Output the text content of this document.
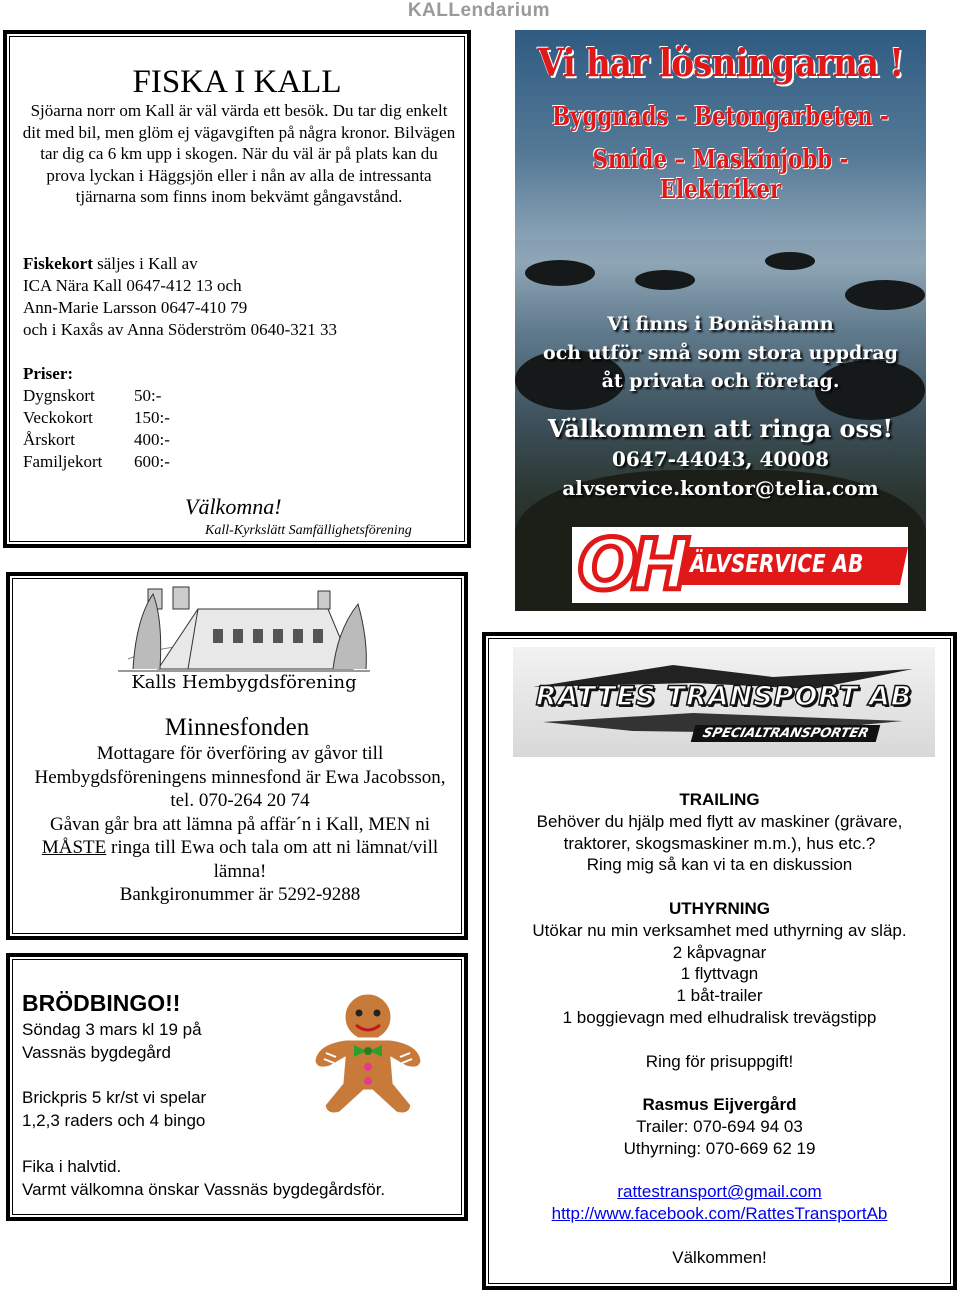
KALLendarium
FISKA I KALL
Sjöarna norr om Kall är väl värda ett besök. Du tar dig enkelt dit med bil, men glöm ej vägavgiften på några kronor. Bilvägen tar dig ca 6 km upp i skogen. När du väl är på plats kan du prova lyckan i Häggsjön eller i nån av alla de intressanta tjärnarna som finns inom bekvämt gångavstånd.
Fiskekort säljes i Kall av
ICA Nära Kall 0647-412 13 och
Ann-Marie Larsson 0647-410 79
och i Kaxås av Anna Söderström 0640-321 33
Priser:
Dygnskort	50:-
Veckokort	150:-
Årskort	400:-
Familjekort	600:-
Välkomna!
Kall-Kyrkslätt Samfällighetsförening
Vi har lösningarna !
Byggnads – Betongarbeten -
Smide – Maskinjobb - Elektriker
Vi finns i Bonäshamn
och utför små som stora uppdrag
åt privata och företag.
Välkommen att ringa oss!
0647-44043, 40008
alvservice.kontor@telia.com
OH ÄLVSERVICE AB
Kalls Hembygdsförening
Minnesfonden
Mottagare för överföring av gåvor till Hembygdsföreningens minnesfond är Ewa Jacobsson, tel. 070-264 20 74
Gåvan går bra att lämna på affär´n i Kall, MEN ni MÅSTE ringa till Ewa och tala om att ni lämnat/vill lämna!
Bankgironummer är 5292-9288
RATTES TRANSPORT AB
SPECIALTRANSPORTER
TRAILING
Behöver du hjälp med flytt av maskiner (grävare,
traktorer, skogsmaskiner m.m.), hus etc.?
Ring mig så kan vi ta en diskussion
UTHYRNING
Utökar nu min verksamhet med uthyrning av släp.
2 kåpvagnar
1 flyttvagn
1 båt-trailer
1 boggievagn med elhudralisk trevägstipp
Ring för prisuppgift!
Rasmus Eijvergård
Trailer: 070-694 94 03
Uthyrning: 070-669 62 19
rattestransport@gmail.com
http://www.facebook.com/RattesTransportAb
Välkommen!
BRÖDBINGO!!
Söndag 3 mars kl 19 på
Vassnäs bygdegård
Brickpris 5 kr/st vi spelar
1,2,3 raders och 4 bingo
Fika i halvtid.
Varmt välkomna önskar Vassnäs bygdegårdsför.
